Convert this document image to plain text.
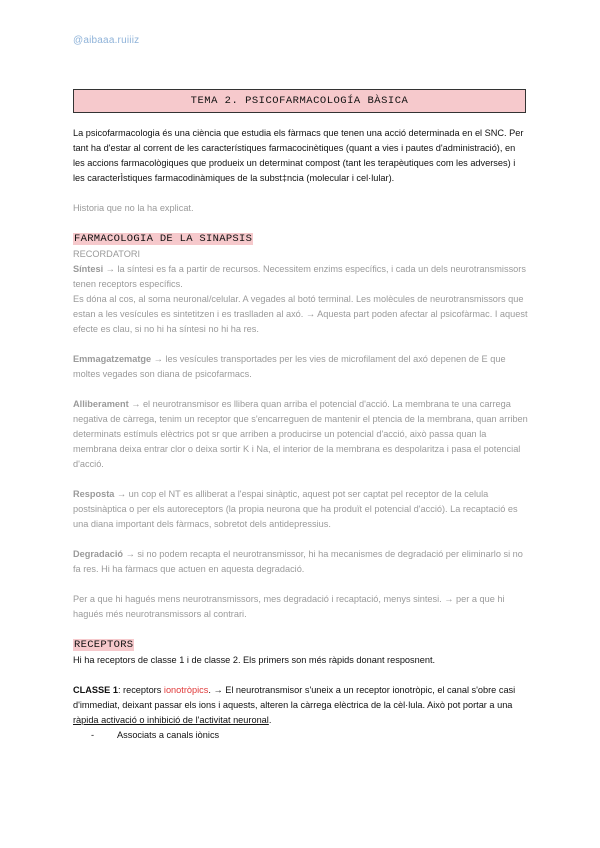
@aibaaa.ruiiiz
TEMA 2. PSICOFARMACOLOGÍA BÀSICA

La psicofarmacologia és una ciència que estudia els fàrmacs que tenen una acció determinada en el SNC. Per tant ha d'estar al corrent de les característiques farmacocinètiques (quant a vies i pautes d'administració), en les accions farmacològiques que produeix un determinat compost (tant les terapèutiques com les adverses) i les caracterÌstiques farmacodinàmiques de la subst‡ncia (molecular i cel·lular).

Historia que no la ha explicat.

FARMACOLOGIA DE LA SINAPSIS

RECORDATORI

Síntesi → la síntesi es fa a partir de recursos. Necessitem enzims específics, i cada un dels neurotransmissors tenen receptors específics.

Es dóna al cos, al soma neuronal/celular. A vegades al botó terminal. Les molècules de neurotransmissors que estan a les vesícules es sintetitzen i es traslladen al axó. → Aquesta part poden afectar al psicofàrmac. I aquest efecte es clau, si no hi ha síntesi no hi ha res.

Emmagatzematge → les vesícules transportades per les vies de microfilament del axó depenen de E que moltes vegades son diana de psicofarmacs.

Alliberament → el neurotransmisor es llibera quan arriba el potencial d'acció. La membrana te una carrega negativa de càrrega, tenim un receptor que s'encarreguen de mantenir el ptencia de la membrana, quan arriben determinats estímuls elèctrics pot sr que arriben a producirse un potencial d'acció, això passa quan la membrana deixa entrar clor o deixa sortir K i Na, el interior de la membrana es despolaritza i pasa el potencial d'acció.

Resposta → un cop el NT es alliberat a l'espai sinàptic, aquest pot ser captat pel receptor de la celula postsinàptica o per els autoreceptors (la propia neurona que ha produït el potencial d'acció). La recaptació es una diana important dels fàrmacs, sobretot dels antidepressius.

Degradació → si no podem recapta el neurotransmissor, hi ha mecanismes de degradació per eliminarlo si no fa res. Hi ha fàrmacs que actuen en aquesta degradació.

Per a que hi hagués mens neurotransmissors, mes degradació i recaptació, menys sintesi. → per a que hi hagués més neurotransmissors al contrari.

RECEPTORS

Hi ha receptors de classe 1 i de classe 2. Els primers son més ràpids donant resposnent.

CLASSE 1: receptors ionotròpics. → El neurotransmisor s'uneix a un receptor ionotròpic, el canal s'obre casi d'immediat, deixant passar els ions i aquests, alteren la càrrega elèctrica de la cèl·lula. Això pot portar a una ràpida activació o inhibició de l'activitat neuronal.

-	Associats a canals iònics
